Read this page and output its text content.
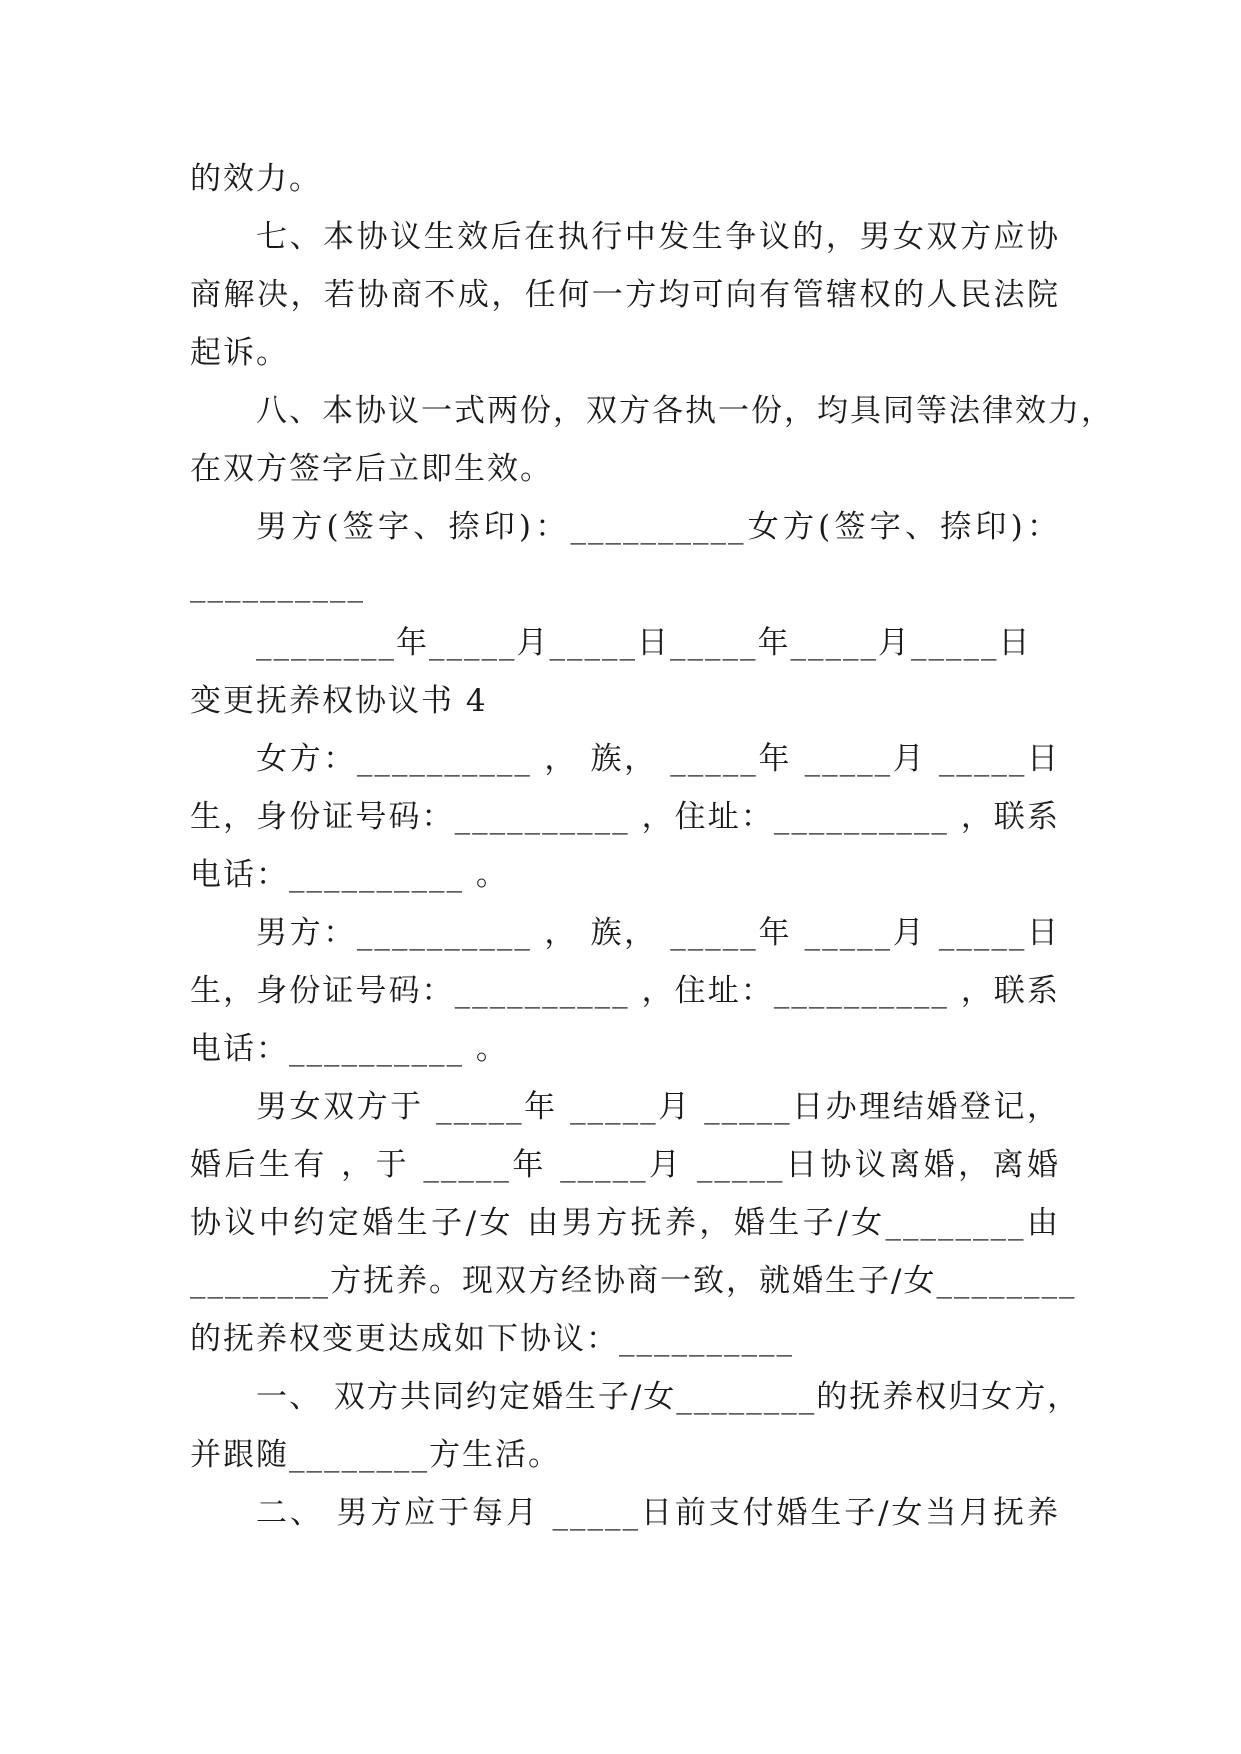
的效力。
七、本协议生效后在执行中发生争议的，男女双方应协
商解决，若协商不成，任何一方均可向有管辖权的人民法院
起诉。
八、本协议一式两份，双方各执一份，均具同等法律效力，
在双方签字后立即生效。
男方(签字、捺印)：__________女方(签字、捺印)：
__________
________年_____月_____日_____年_____月_____日
变更抚养权协议书 4
女方：__________ ， 族， _____年 _____月 _____日
生，身份证号码：__________ ，住址：__________ ，联系
电话：__________ 。
男方：__________ ， 族， _____年 _____月 _____日
生，身份证号码：__________ ，住址：__________ ，联系
电话：__________ 。
男女双方于 _____年 _____月 _____日办理结婚登记，
婚后生有 ，于 _____年 _____月 _____日协议离婚，离婚
协议中约定婚生子/女 由男方抚养，婚生子/女________由
________方抚养。现双方经协商一致，就婚生子/女________
的抚养权变更达成如下协议：__________
一、 双方共同约定婚生子/女________的抚养权归女方，
并跟随________方生活。
二、 男方应于每月 _____日前支付婚生子/女当月抚养
